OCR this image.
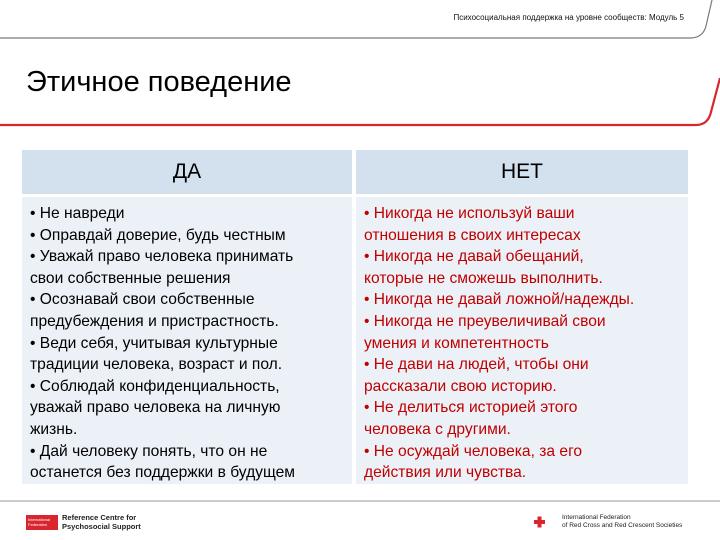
Психосоциальная поддержка на уровне сообществ: Модуль 5
Этичное поведение
ДА	НЕТ

• Не навреди

• Оправдай доверие, будь честным

• Уважай право человека принимать

свои собственные решения

• Осознавай свои собственные

предубеждения и пристрастность.

• Веди себя, учитывая культурные

традиции человека, возраст и пол.

• Соблюдай конфиденциальность,

уважай право человека на личную

жизнь.

• Дай человеку понять, что он не

останется без поддержки в будущем

• Никогда не используй ваши

отношения в своих интересах

• Никогда не давай обещаний,

которые не сможешь выполнить.

• Никогда не давай ложной/надежды.

• Никогда не преувеличивай свои

умения и компетентность

• Не дави на людей, чтобы они

рассказали свою историю.

• Не делиться историей этого

человека с другими.

• Не осуждай человека, за его

действия или чувства.

International Federation
Reference Centre for
Psychosocial Support
International Federation
of Red Cross and Red Crescent Societies
